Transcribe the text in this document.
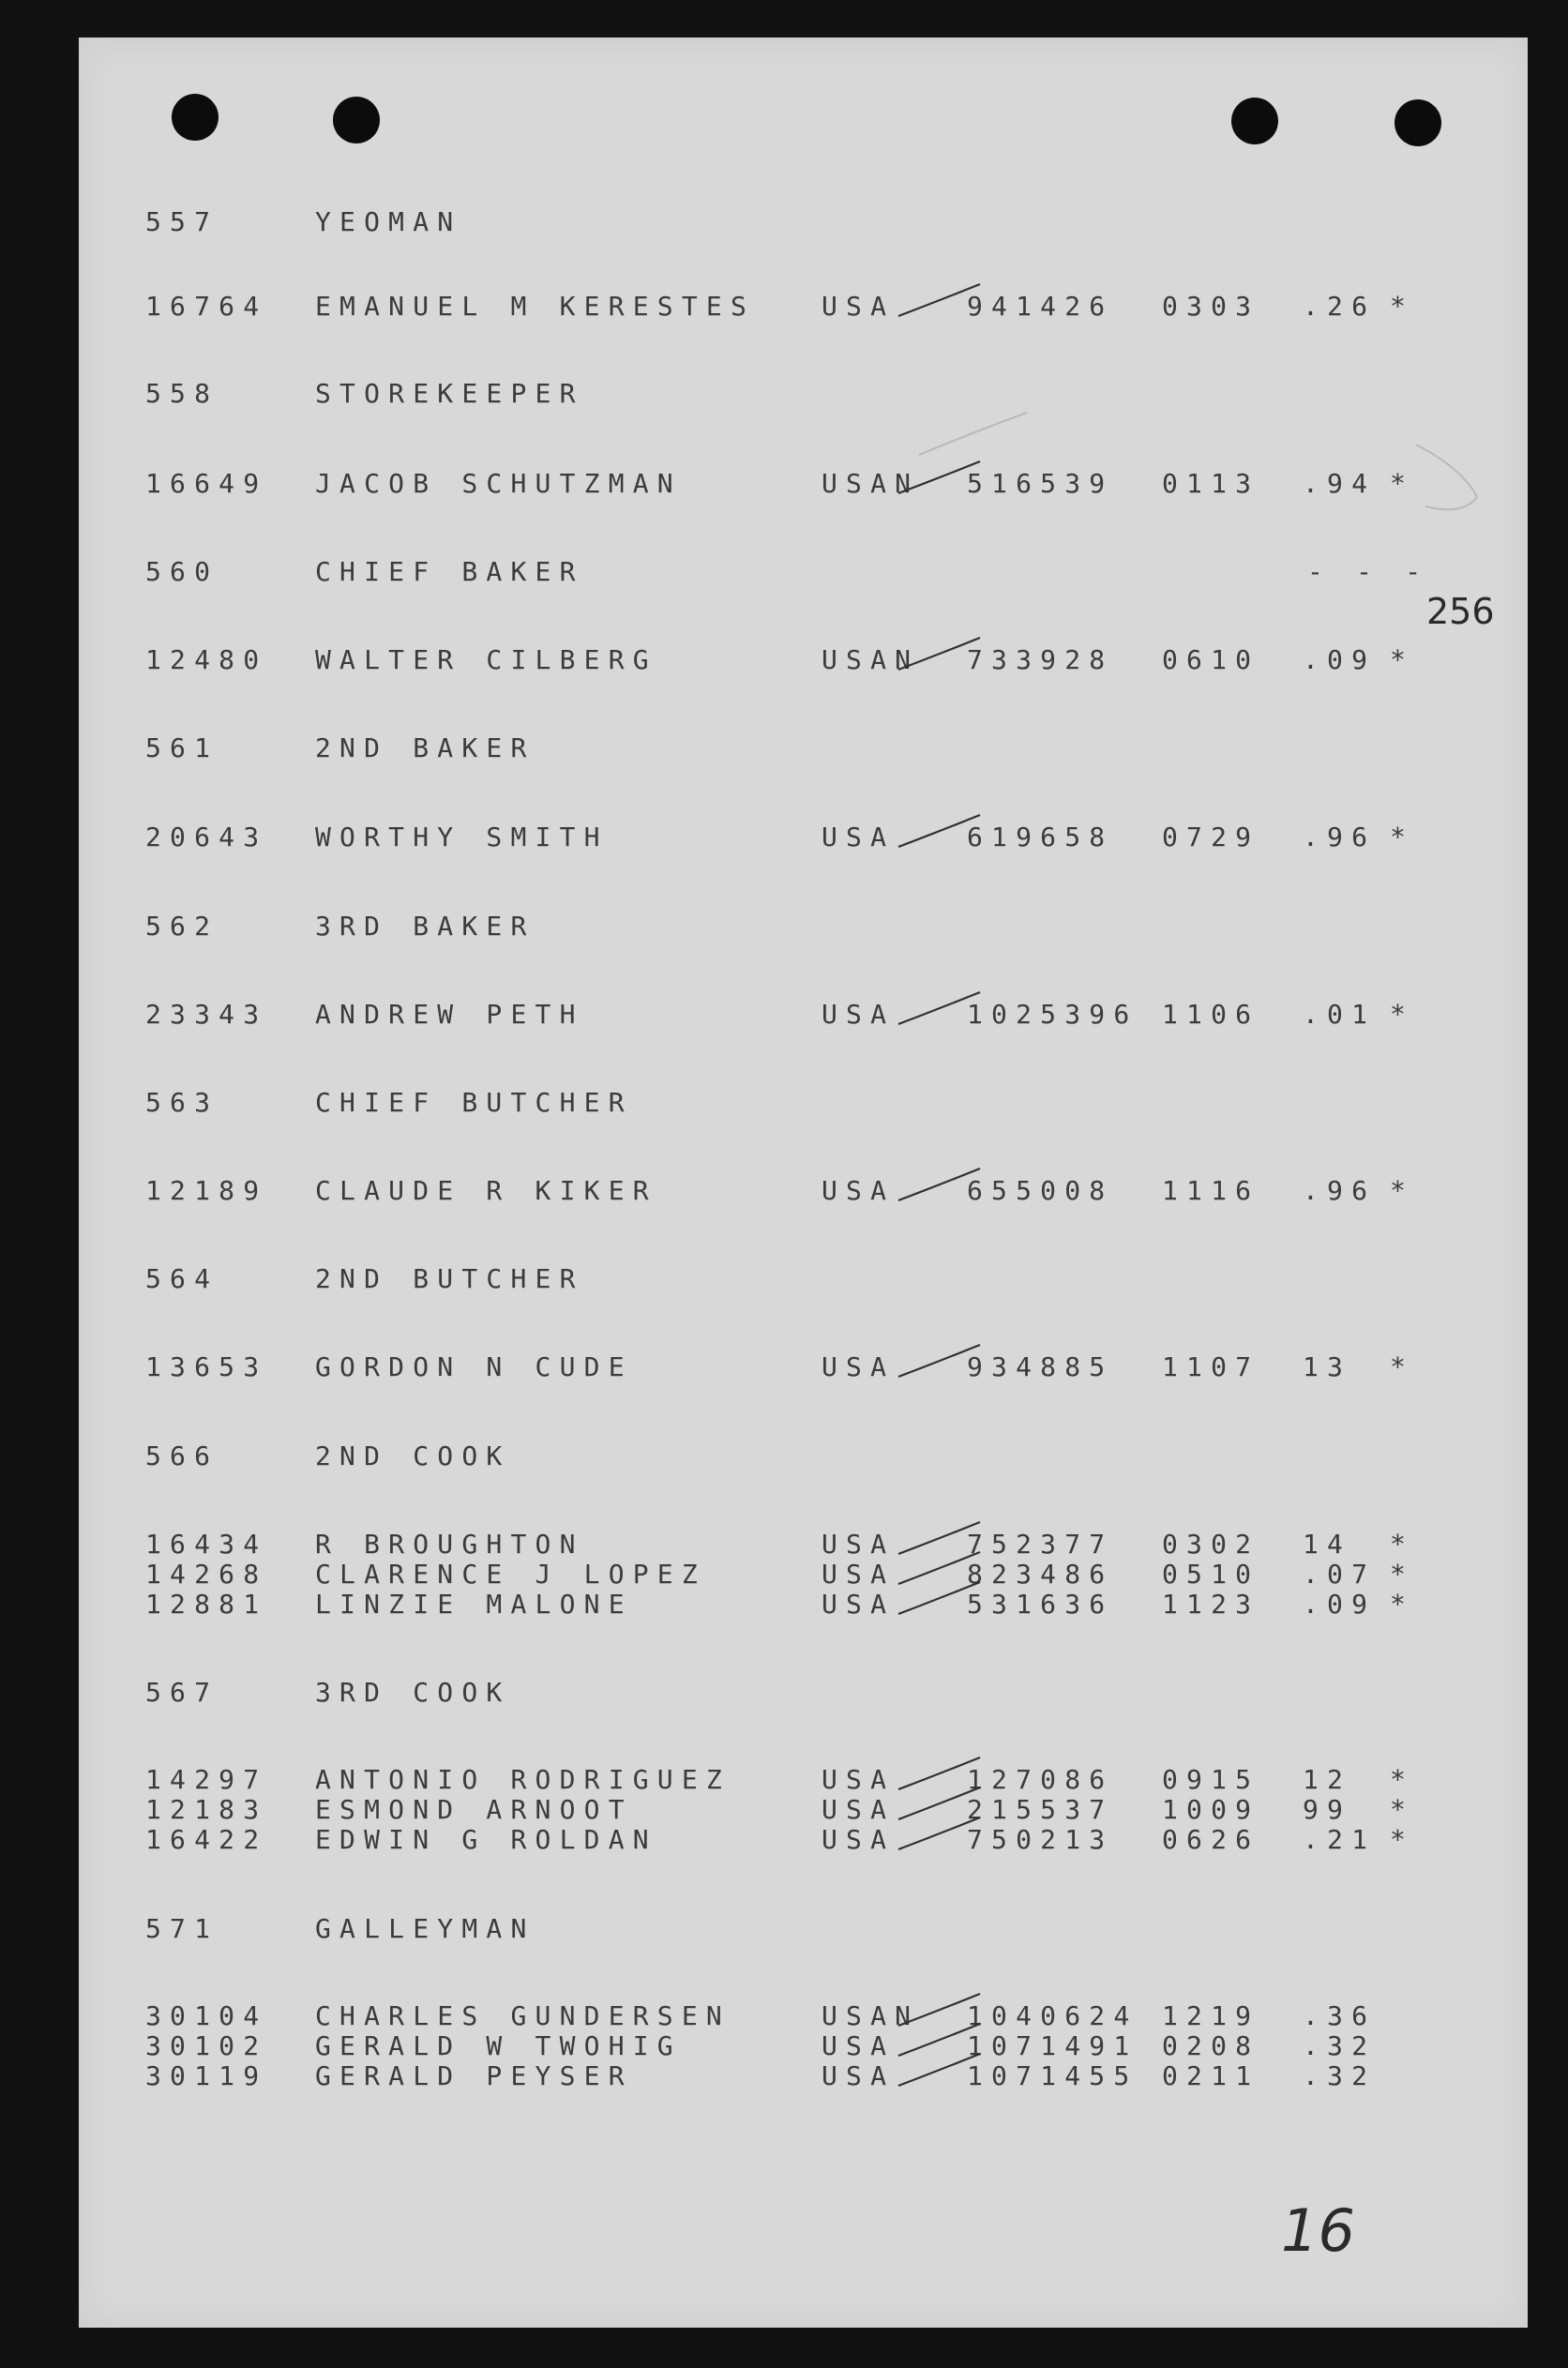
557	YEOMAN
16764 EMANUEL M KERESTES	USA	941426 0303 .26 *
558	STOREKEEPER
16649 JACOB SCHUTZMAN	USAN 516539 0113 .94 *
560	CHIEF BAKER	- - -
12480 WALTER CILBERG	USAN 733928 0610 .09 *
561	2ND BAKER
20643 WORTHY SMITH	USA	619658 0729 .96 *
562	3RD BAKER
23343 ANDREW PETH	USA	1025396 1106 .01 *
563	CHIEF BUTCHER
12189 CLAUDE R KIKER	USA	655008 1116 .96 *
564	2ND BUTCHER
13653 GORDON N CUDE	USA	934885 1107 13 *
566	2ND COOK
16434 R BROUGHTON	USA	752377 0302 14 *
14268 CLARENCE J LOPEZ	USA	823486 0510 .07 *
12881 LINZIE MALONE	USA	531636 1123 .09 *
567	3RD COOK
14297 ANTONIO RODRIGUEZ	USA	127086 0915 12 *
12183 ESMOND ARNOOT	USA	215537 1009 99 *
16422 EDWIN G ROLDAN	USA	750213 0626 .21 *
571	GALLEYMAN
30104 CHARLES GUNDERSEN	USAN 1040624 1219 .36
30102 GERALD W TWOHIG	USA	1071491 0208 .32
30119 GERALD PEYSER	USA	1071455 0211 .32
256
16
